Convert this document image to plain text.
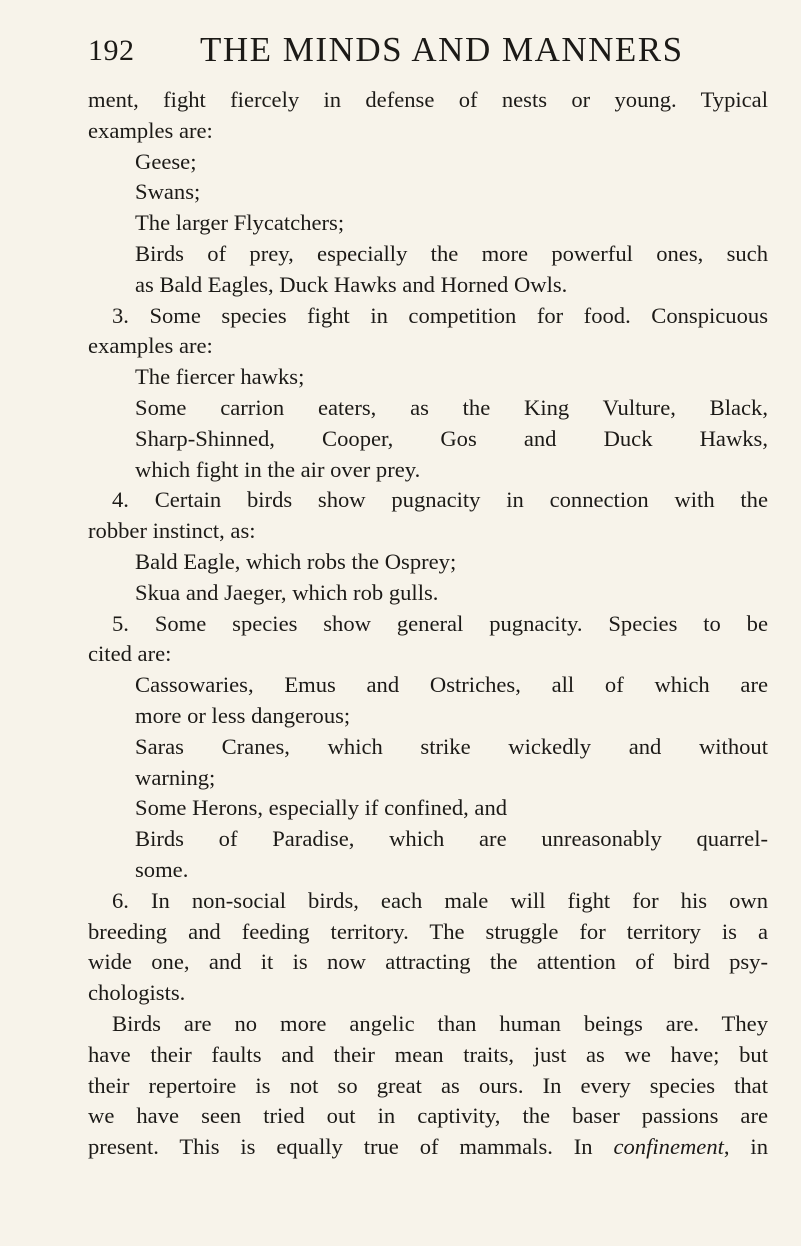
192 THE MINDS AND MANNERS
ment, fight fiercely in defense of nests or young. Typical
examples are:
Geese;
Swans;
The larger Flycatchers;
Birds of prey, especially the more powerful ones, such
as Bald Eagles, Duck Hawks and Horned Owls.
3. Some species fight in competition for food. Conspicuous
examples are:
The fiercer hawks;
Some carrion eaters, as the King Vulture, Black,
Sharp-Shinned, Cooper, Gos and Duck Hawks,
which fight in the air over prey.
4. Certain birds show pugnacity in connection with the
robber instinct, as:
Bald Eagle, which robs the Osprey;
Skua and Jaeger, which rob gulls.
5. Some species show general pugnacity. Species to be
cited are:
Cassowaries, Emus and Ostriches, all of which are
more or less dangerous;
Saras Cranes, which strike wickedly and without
warning;
Some Herons, especially if confined, and
Birds of Paradise, which are unreasonably quarrel-
some.
6. In non-social birds, each male will fight for his own
breeding and feeding territory. The struggle for territory is a
wide one, and it is now attracting the attention of bird psy-
chologists.
Birds are no more angelic than human beings are. They
have their faults and their mean traits, just as we have; but
their repertoire is not so great as ours. In every species that
we have seen tried out in captivity, the baser passions are
present. This is equally true of mammals. In confinement, in
